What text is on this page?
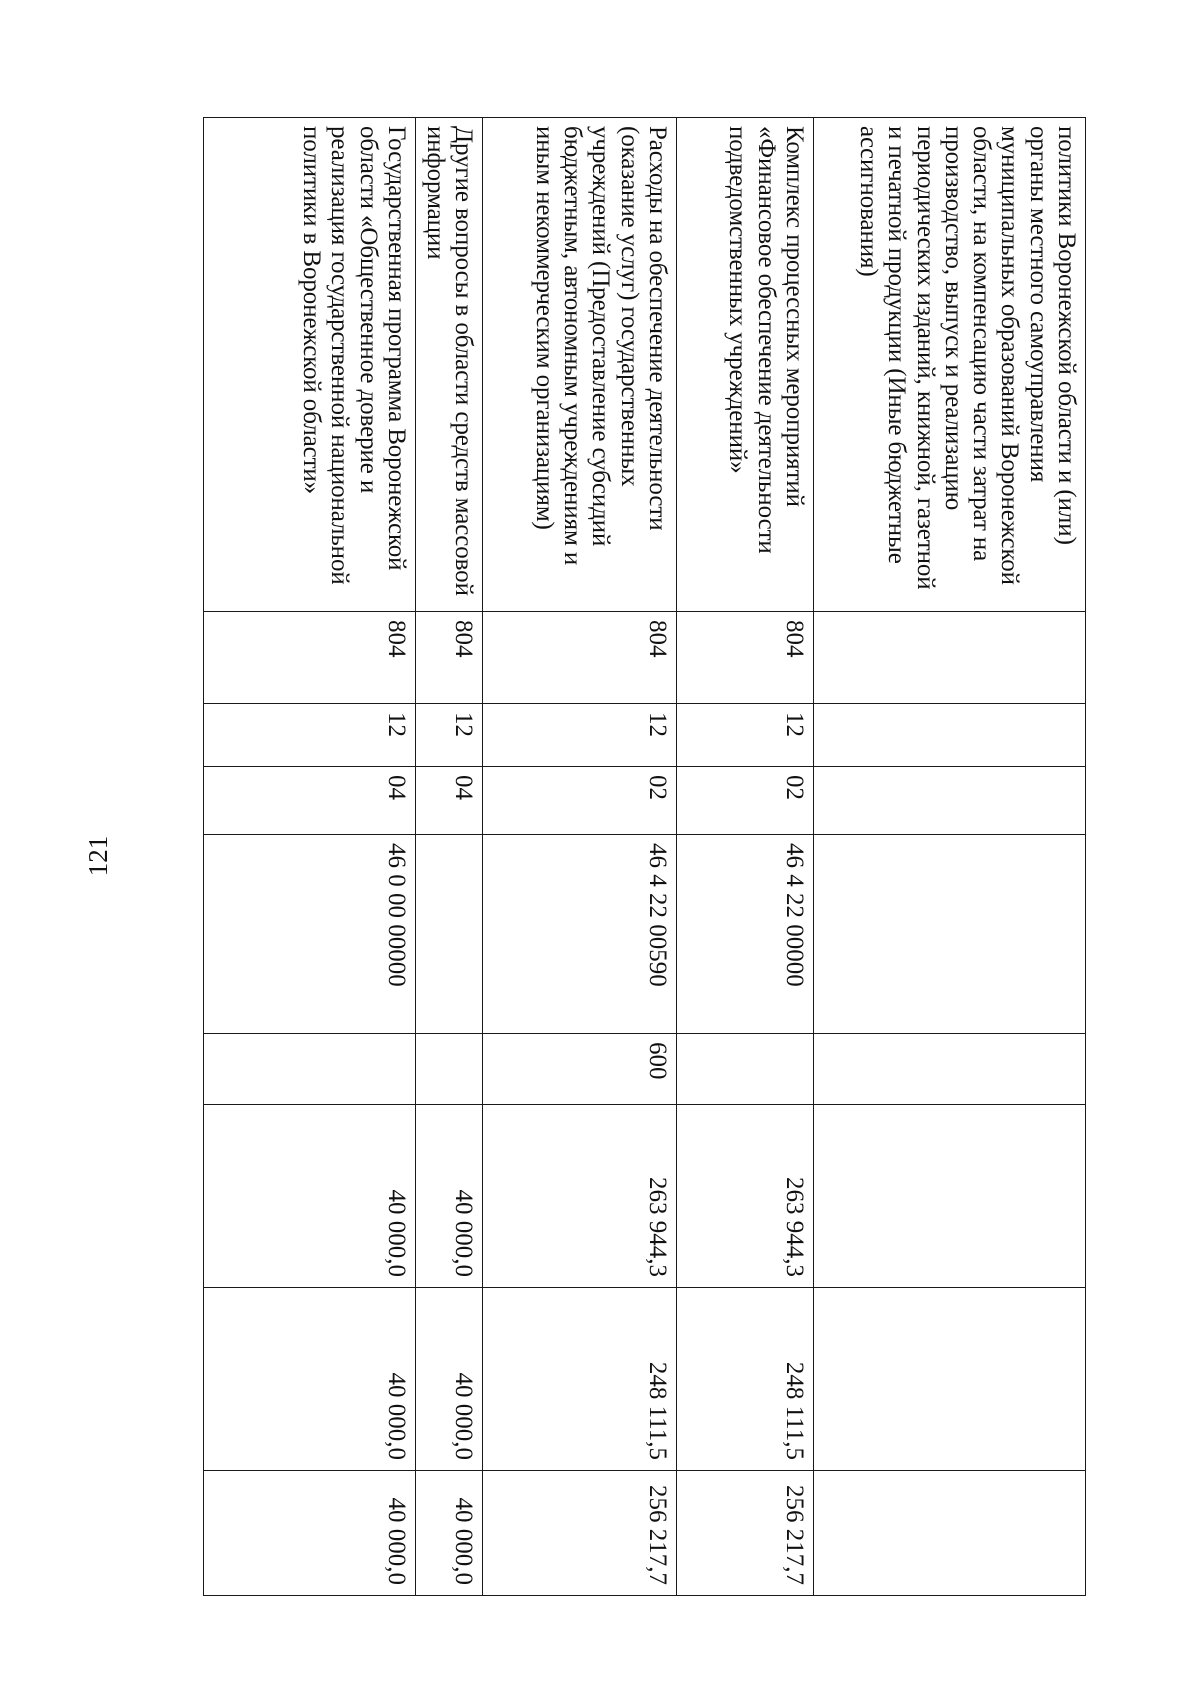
121
политики Воронежской области и (или) органы местного самоуправления муниципальных образований Воронежской области, на компенсацию части затрат на производство, выпуск и реализацию периодических изданий, книжной, газетной и печатной продукции (Иные бюджетные ассигнования)								

Комплекс процессных мероприятий «Финансовое обеспечение деятельности подведомственных учреждений»	804	12	02	46 4 22 00000		263 944,3	248 111,5	256 217,7

Расходы на обеспечение деятельности (оказание услуг) государственных учреждений (Предоставление субсидий бюджетным, автономным учреждениям и иным некоммерческим организациям)	804	12	02	46 4 22 00590	600	263 944,3	248 111,5	256 217,7

Другие вопросы в области средств массовой информации	804	12	04			40 000,0	40 000,0	40 000,0

Государственная программа Воронежской области «Общественное доверие и реализация государственной национальной политики в Воронежской области»	804	12	04	46 0 00 00000		40 000,0	40 000,0	40 000,0
